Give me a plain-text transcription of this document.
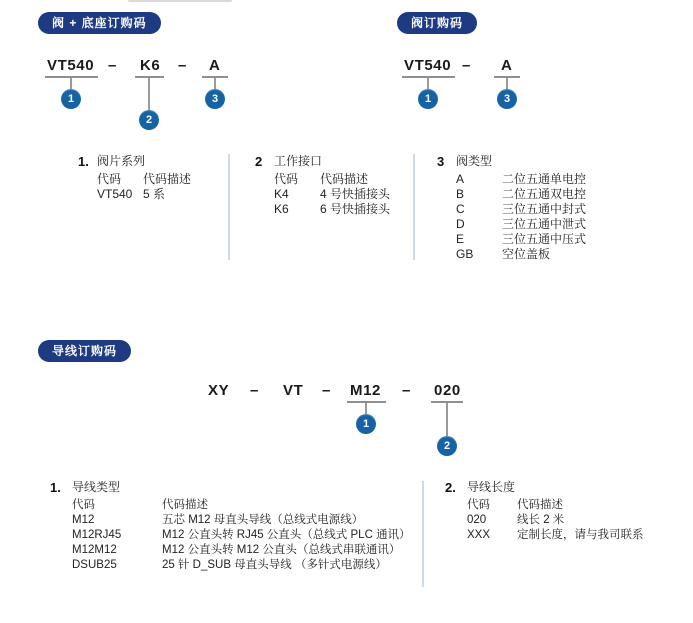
阀 + 底座订购码
VT540 – K6 – A
1
2
3
阀订购码
VT540 – A
1	3
1. 阀片系列
代码	代码描述
VT540 5 系
2 工作接口
代码	代码描述
K4	4 号快插接头
K6	6 号快插接头
3 阀类型
A	二位五通单电控
B	二位五通双电控
C	三位五通中封式
D	三位五通中泄式
E	三位五通中压式
GB	空位盖板
导线订购码
XY – VT – M12 – 020
1
2
1. 导线类型
代码	代码描述
M12	五芯 M12 母直头导线（总线式电源线）
M12RJ45	M12 公直头转 RJ45 公直头（总线式 PLC 通讯）
M12M12	M12 公直头转 M12 公直头（总线式串联通讯）
DSUB25	25 针 D_SUB 母直头导线 （多针式电源线）
2. 导线长度
代码	代码描述
020	线长 2 米
XXX	定制长度，请与我司联系
